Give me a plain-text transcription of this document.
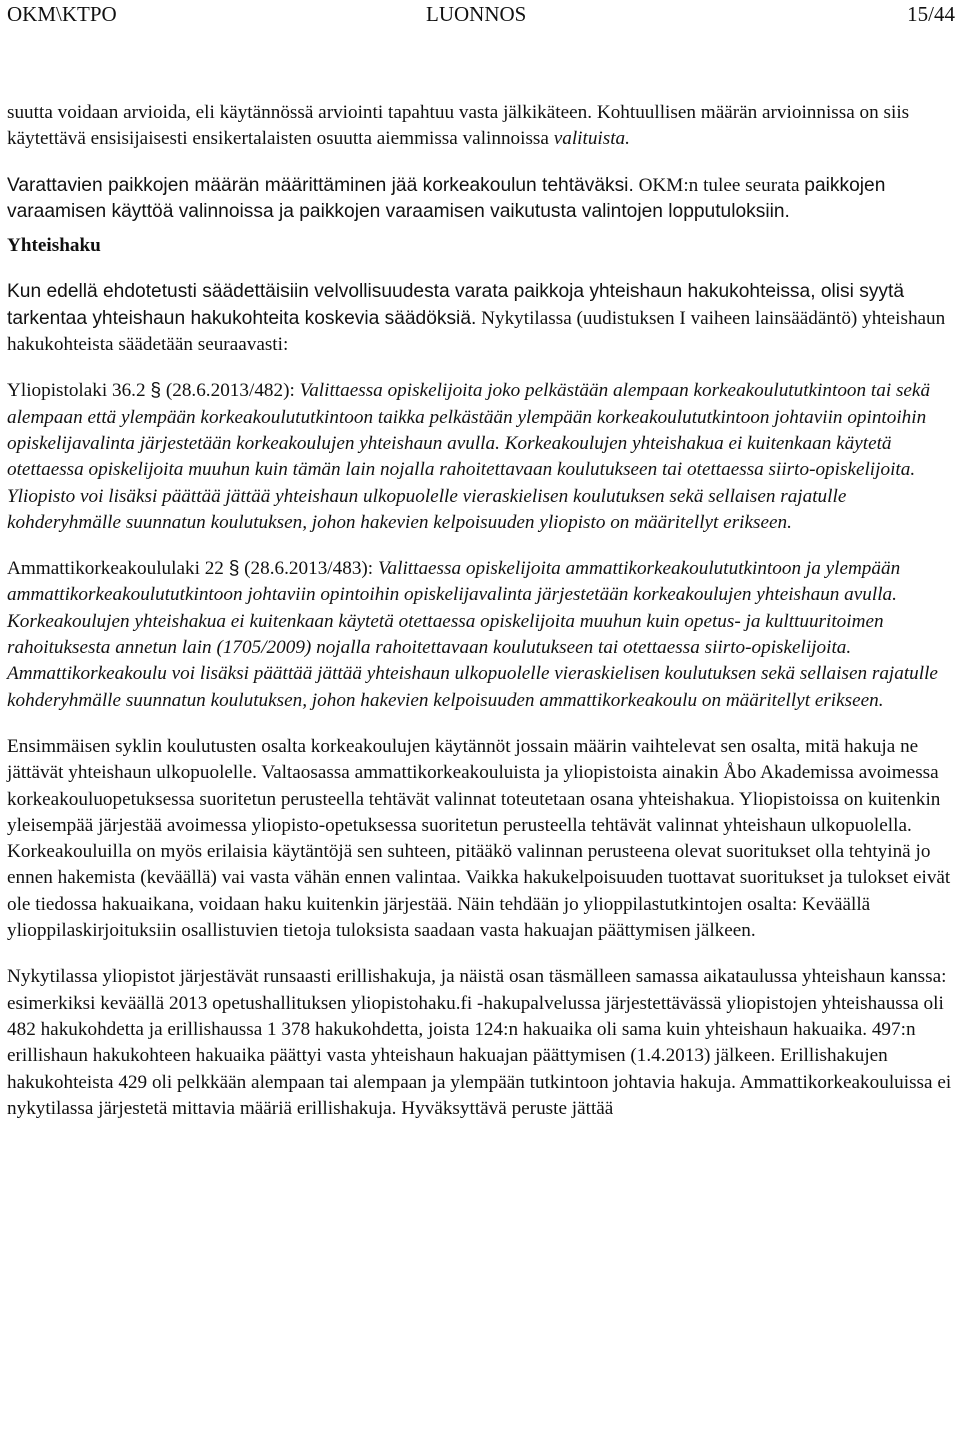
OKM\KTPO	LUONNOS	15/44

suutta voidaan arvioida, eli käytännössä arviointi tapahtuu vasta jälkikäteen. Kohtuullisen määrän arvioinnissa on siis käytettävä ensisijaisesti ensikertalaisten osuutta aiemmissa valinnoissa valituista.

Varattavien paikkojen määrän määrittäminen jää korkeakoulun tehtäväksi. OKM:n tulee seurata paikkojen varaamisen käyttöä valinnoissa ja paikkojen varaamisen vaikutusta valintojen lopputuloksiin.

Yhteishaku

Kun edellä ehdotetusti säädettäisiin velvollisuudesta varata paikkoja yhteishaun hakukohteissa, olisi syytä tarkentaa yhteishaun hakukohteita koskevia säädöksiä. Nykytilassa (uudistuksen I vaiheen lainsäädäntö) yhteishaun hakukohteista säädetään seuraavasti:

Yliopistolaki 36.2 § (28.6.2013/482): Valittaessa opiskelijoita joko pelkästään alempaan korkeakoulututkintoon tai sekä alempaan että ylempään korkeakoulututkintoon taikka pelkästään ylempään korkeakoulututkintoon johtaviin opintoihin opiskelijavalinta järjestetään korkeakoulujen yhteishaun avulla. Korkeakoulujen yhteishakua ei kuitenkaan käytetä otettaessa opiskelijoita muuhun kuin tämän lain nojalla rahoitettavaan koulutukseen tai otettaessa siirto-opiskelijoita. Yliopisto voi lisäksi päättää jättää yhteishaun ulkopuolelle vieraskielisen koulutuksen sekä sellaisen rajatulle kohderyhmälle suunnatun koulutuksen, johon hakevien kelpoisuuden yliopisto on määritellyt erikseen.

Ammattikorkeakoululaki 22 § (28.6.2013/483): Valittaessa opiskelijoita ammattikorkeakoulututkintoon ja ylempään ammattikorkeakoulututkintoon johtaviin opintoihin opiskelijavalinta järjestetään korkeakoulujen yhteishaun avulla. Korkeakoulujen yhteishakua ei kuitenkaan käytetä otettaessa opiskelijoita muuhun kuin opetus- ja kulttuuritoimen rahoituksesta annetun lain (1705/2009) nojalla rahoitettavaan koulutukseen tai otettaessa siirto-opiskelijoita. Ammattikorkeakoulu voi lisäksi päättää jättää yhteishaun ulkopuolelle vieraskielisen koulutuksen sekä sellaisen rajatulle kohderyhmälle suunnatun koulutuksen, johon hakevien kelpoisuuden ammattikorkeakoulu on määritellyt erikseen.

Ensimmäisen syklin koulutusten osalta korkeakoulujen käytännöt jossain määrin vaihtelevat sen osalta, mitä hakuja ne jättävät yhteishaun ulkopuolelle. Valtaosassa ammattikorkeakouluista ja yliopistoista ainakin Åbo Akademissa avoimessa korkeakouluopetuksessa suoritetun perusteella tehtävät valinnat toteutetaan osana yhteishakua. Yliopistoissa on kuitenkin yleisempää järjestää avoimessa yliopisto-opetuksessa suoritetun perusteella tehtävät valinnat yhteishaun ulkopuolella. Korkeakouluilla on myös erilaisia käytäntöjä sen suhteen, pitääkö valinnan perusteena olevat suoritukset olla tehtyinä jo ennen hakemista (keväällä) vai vasta vähän ennen valintaa. Vaikka hakukelpoisuuden tuottavat suoritukset ja tulokset eivät ole tiedossa hakuaikana, voidaan haku kuitenkin järjestää. Näin tehdään jo ylioppilastutkintojen osalta: Keväällä ylioppilaskirjoituksiin osallistuvien tietoja tuloksista saadaan vasta hakuajan päättymisen jälkeen.

Nykytilassa yliopistot järjestävät runsaasti erillishakuja, ja näistä osan täsmälleen samassa aikataulussa yhteishaun kanssa: esimerkiksi keväällä 2013 opetushallituksen yliopistohaku.fi -hakupalvelussa järjestettävässä yliopistojen yhteishaussa oli 482 hakukohdetta ja erillishaussa 1 378 hakukohdetta, joista 124:n hakuaika oli sama kuin yhteishaun hakuaika. 497:n erillishaun hakukohteen hakuaika päättyi vasta yhteishaun hakuajan päättymisen (1.4.2013) jälkeen. Erillishakujen hakukohteista 429 oli pelkkään alempaan tai alempaan ja ylempään tutkintoon johtavia hakuja. Ammattikorkeakouluissa ei nykytilassa järjestetä mittavia määriä erillishakuja. Hyväksyttävä peruste jättää
